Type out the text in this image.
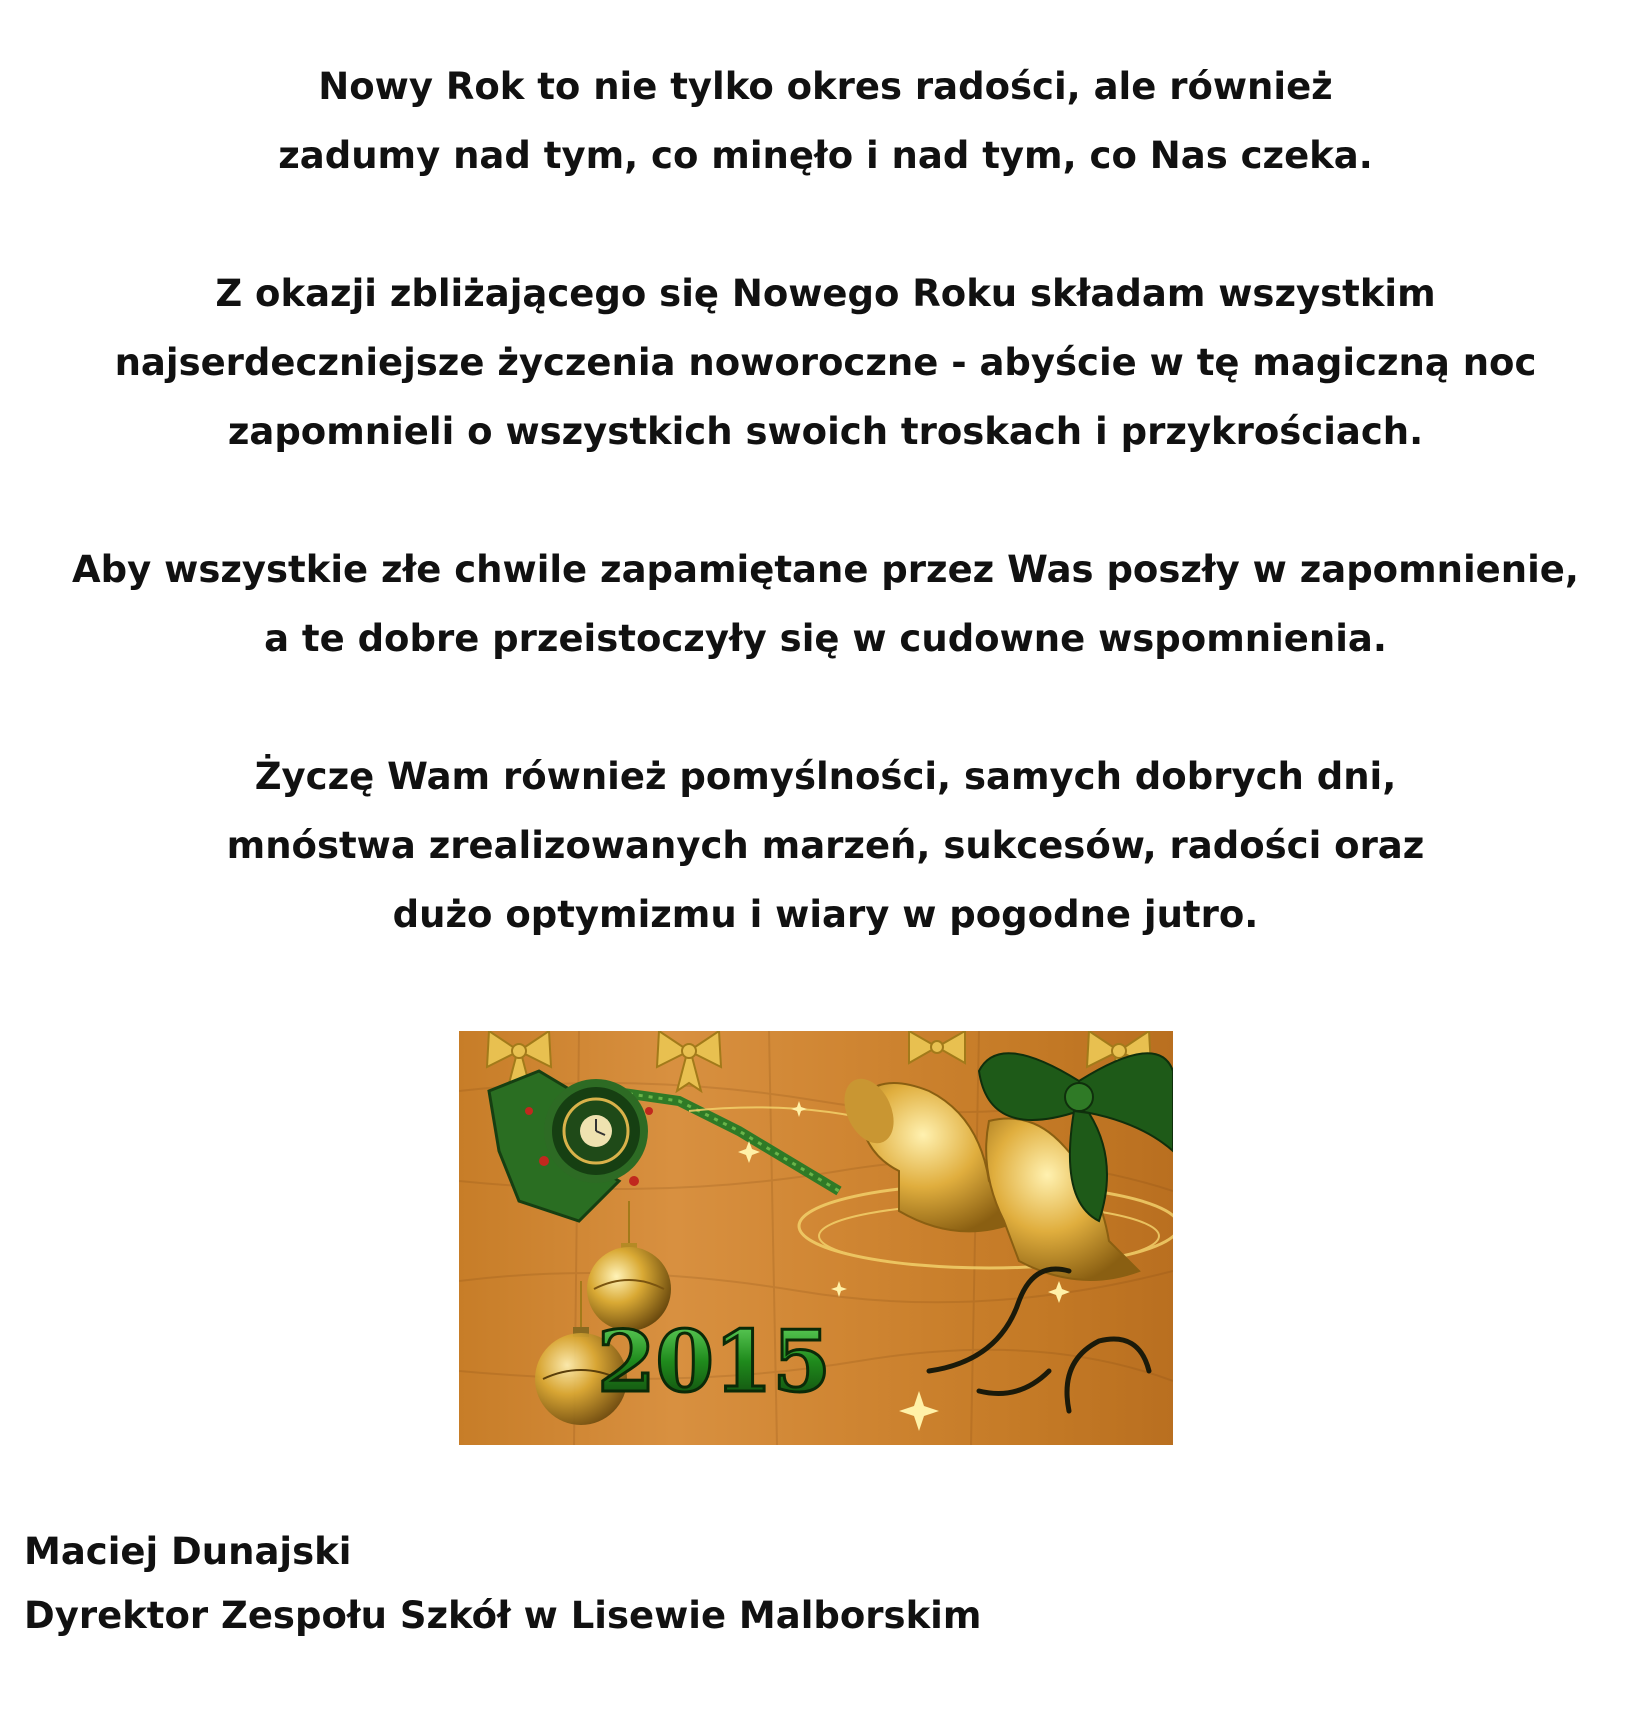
Nowy Rok to nie tylko okres radości, ale również
zadumy nad tym, co minęło i nad tym, co Nas czeka.

Z okazji zbliżającego się Nowego Roku składam wszystkim
najserdeczniejsze życzenia noworoczne - abyście w tę magiczną noc
zapomnieli o wszystkich swoich troskach i przykrościach.

Aby wszystkie złe chwile zapamiętane przez Was poszły w zapomnienie,
a te dobre przeistoczyły się w cudowne wspomnienia.

Życzę Wam również pomyślności, samych dobrych dni,
mnóstwa zrealizowanych marzeń, sukcesów, radości oraz
dużo optymizmu i wiary w pogodne jutro.

2015
Maciej Dunajski
Dyrektor Zespołu Szkół w Lisewie Malborskim
